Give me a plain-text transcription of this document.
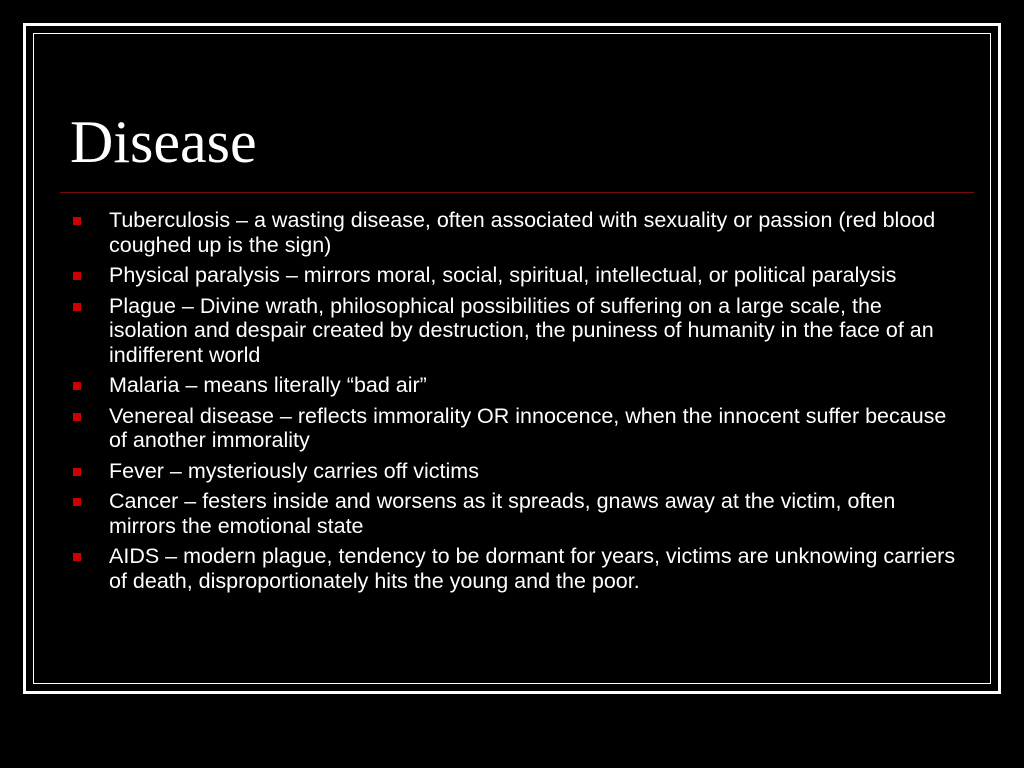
Disease
Tuberculosis – a wasting disease, often associated with sexuality or passion (red blood coughed up is the sign)
Physical paralysis – mirrors moral, social, spiritual, intellectual, or political paralysis
Plague – Divine wrath, philosophical possibilities of suffering on a large scale, the isolation and despair created by destruction, the puniness of humanity in the face of an indifferent world
Malaria – means literally “bad air”
Venereal disease – reflects immorality OR innocence, when the innocent suffer because of another immorality
Fever – mysteriously carries off victims
Cancer – festers inside and worsens as it spreads, gnaws away at the victim, often mirrors the emotional state
AIDS – modern plague, tendency to be dormant for years, victims are unknowing carriers of death, disproportionately hits the young and the poor.
